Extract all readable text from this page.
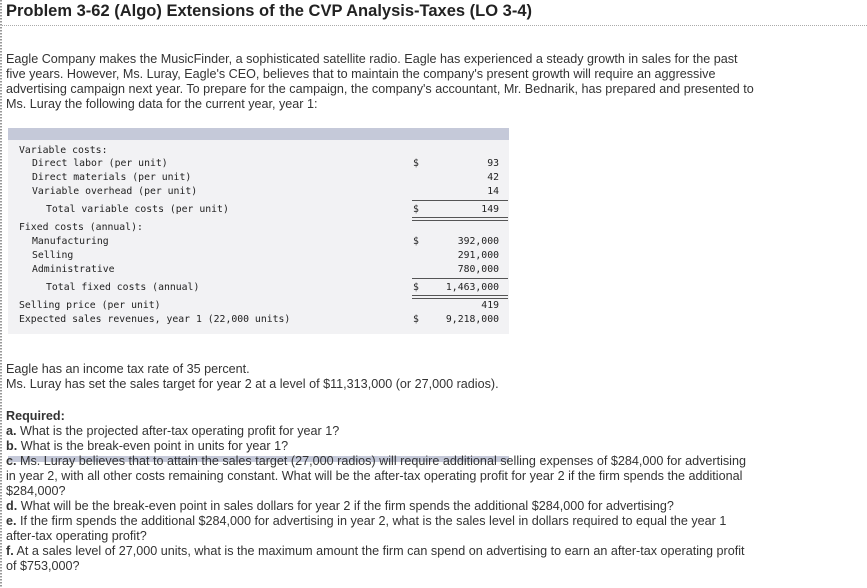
Problem 3-62 (Algo) Extensions of the CVP Analysis-Taxes (LO 3-4)
Eagle Company makes the MusicFinder, a sophisticated satellite radio. Eagle has experienced a steady growth in sales for the past
five years. However, Ms. Luray, Eagle's CEO, believes that to maintain the company's present growth will require an aggressive
advertising campaign next year. To prepare for the campaign, the company's accountant, Mr. Bednarik, has prepared and presented to
Ms. Luray the following data for the current year, year 1:
Variable costs:
Direct labor (per unit)	$	93
Direct materials (per unit)	42
Variable overhead (per unit)	14
Total variable costs (per unit)	$	149
Fixed costs (annual):
Manufacturing	$	392,000
Selling	291,000
Administrative	780,000
Total fixed costs (annual)	$	1,463,000
Selling price (per unit)	419
Expected sales revenues, year 1 (22,000 units)	$	9,218,000
Eagle has an income tax rate of 35 percent.
Ms. Luray has set the sales target for year 2 at a level of $11,313,000 (or 27,000 radios).
Required:
a. What is the projected after-tax operating profit for year 1?
b. What is the break-even point in units for year 1?
c. Ms. Luray believes that to attain the sales target (27,000 radios) will require additional selling expenses of $284,000 for advertising
in year 2, with all other costs remaining constant. What will be the after-tax operating profit for year 2 if the firm spends the additional
$284,000?
d. What will be the break-even point in sales dollars for year 2 if the firm spends the additional $284,000 for advertising?
e. If the firm spends the additional $284,000 for advertising in year 2, what is the sales level in dollars required to equal the year 1
after-tax operating profit?
f. At a sales level of 27,000 units, what is the maximum amount the firm can spend on advertising to earn an after-tax operating profit
of $753,000?
